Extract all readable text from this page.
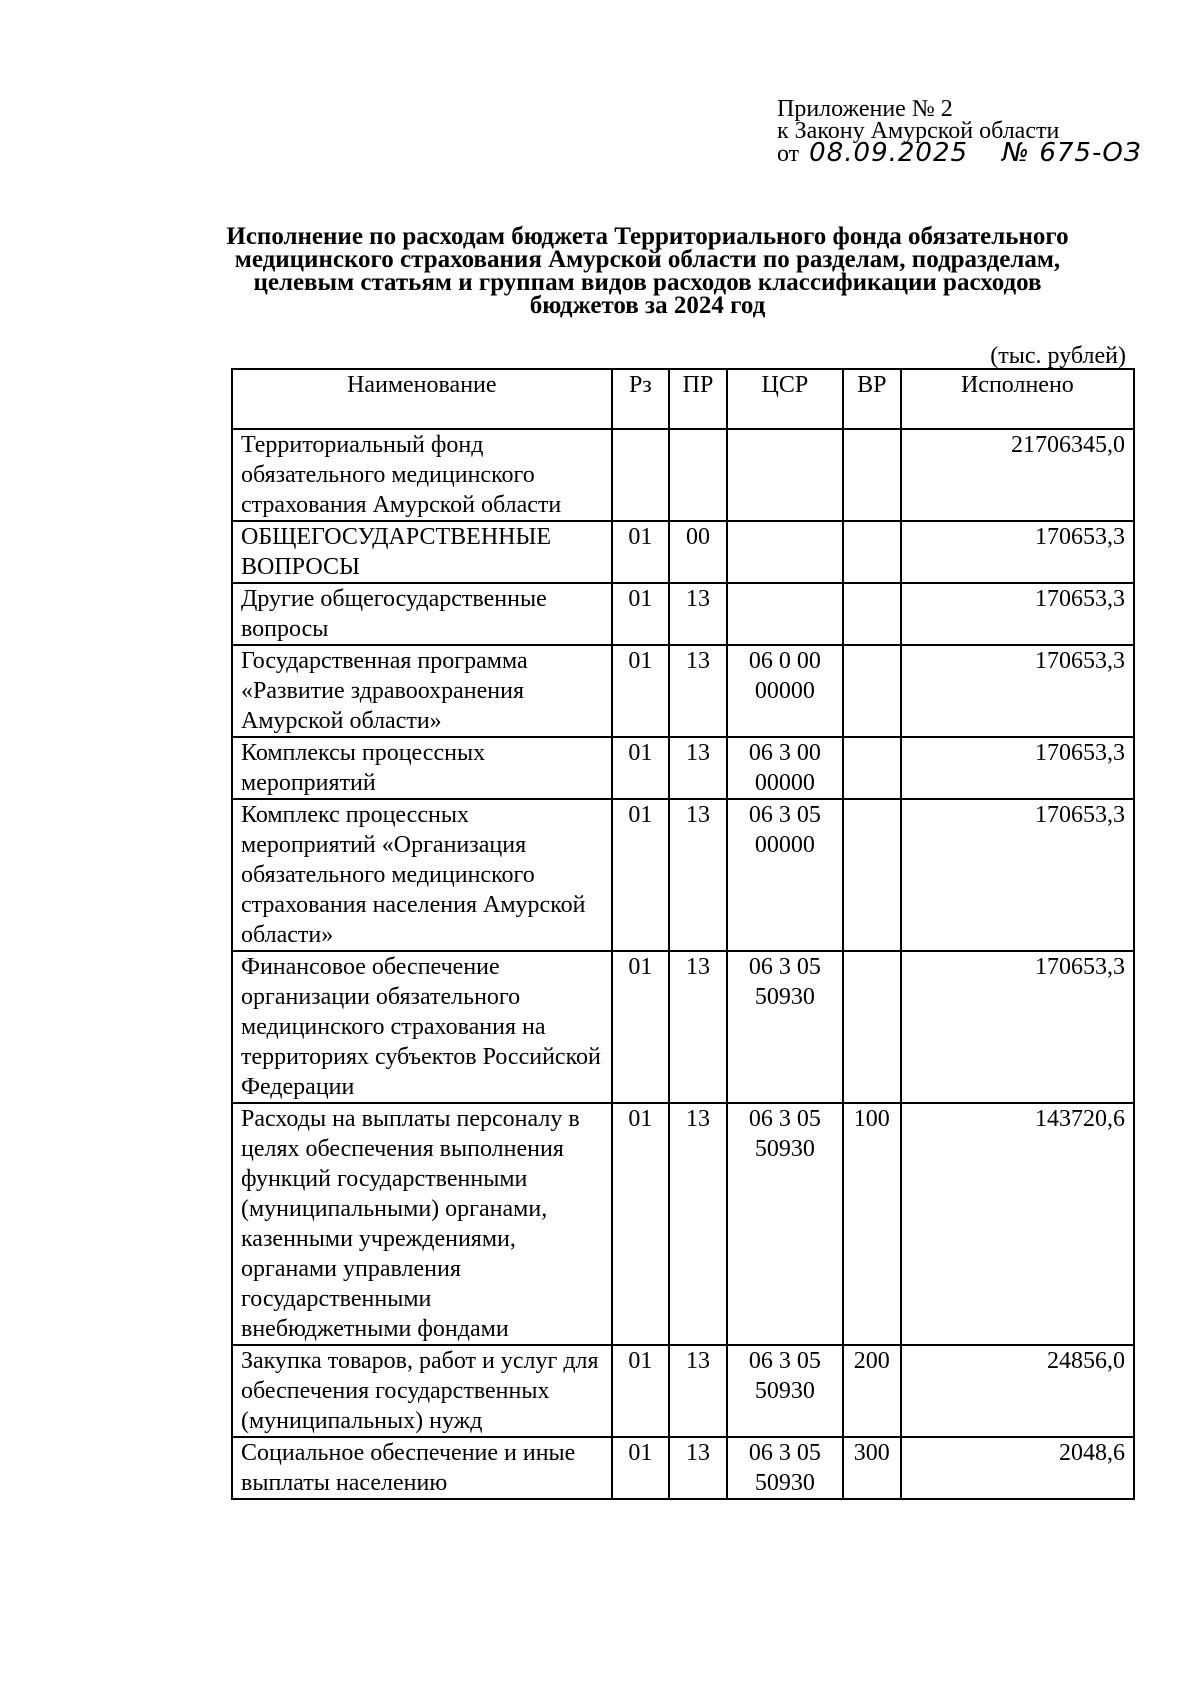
Приложение № 2
к Закону Амурской области
от 08.09.2025 № 675-ОЗ
Исполнение по расходам бюджета Территориального фонда обязательного
медицинского страхования Амурской области по разделам, подразделам,
целевым статьям и группам видов расходов классификации расходов
бюджетов за 2024 год
(тыс. рублей)
Наименование	Рз	ПР	ЦСР	ВР	Исполнено
Территориальный фонд обязательного медицинского страхования Амурской области					21706345,0
ОБЩЕГОСУДАРСТВЕННЫЕ ВОПРОСЫ	01	00			170653,3
Другие общегосударственные вопросы	01	13			170653,3
Государственная программа «Развитие здравоохранения Амурской области»	01	13	06 0 00 00000		170653,3
Комплексы процессных мероприятий	01	13	06 3 00 00000		170653,3
Комплекс процессных мероприятий «Организация обязательного медицинского страхования населения Амурской области»	01	13	06 3 05 00000		170653,3
Финансовое обеспечение организации обязательного медицинского страхования на территориях субъектов Российской Федерации	01	13	06 3 05 50930		170653,3
Расходы на выплаты персоналу в целях обеспечения выполнения функций государственными (муниципальными) органами, казенными учреждениями, органами управления государственными внебюджетными фондами	01	13	06 3 05 50930	100	143720,6
Закупка товаров, работ и услуг для обеспечения государственных (муниципальных) нужд	01	13	06 3 05 50930	200	24856,0
Социальное обеспечение и иные выплаты населению	01	13	06 3 05 50930	300	2048,6
